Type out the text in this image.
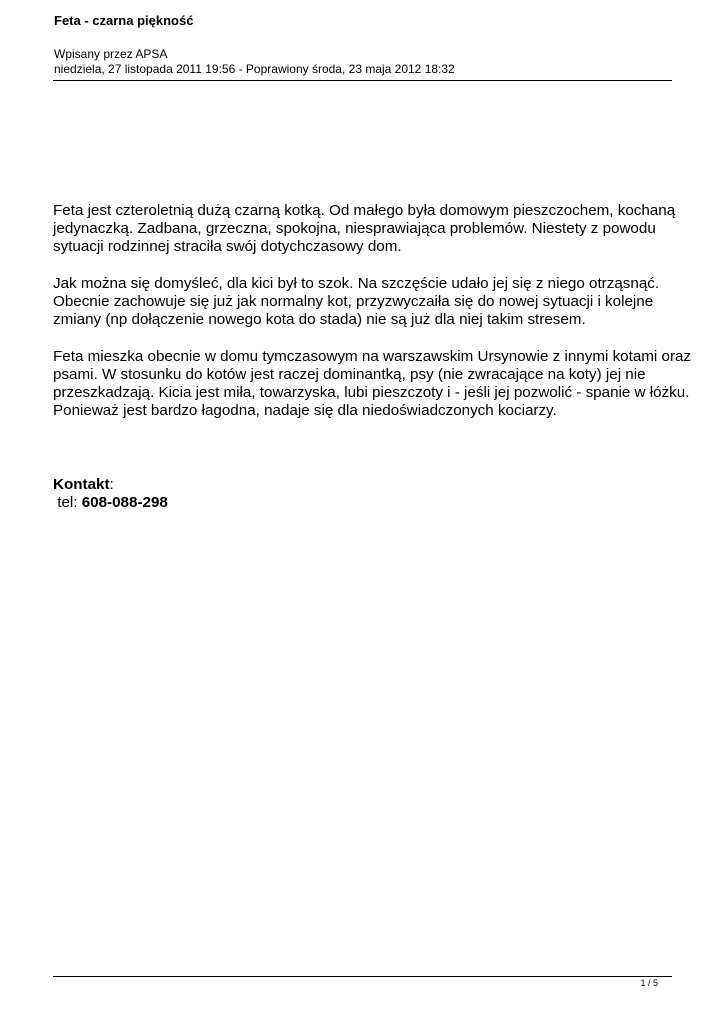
Feta - czarna piękność
Wpisany przez APSA
niedziela, 27 listopada 2011 19:56 - Poprawiony środa, 23 maja 2012 18:32

Feta jest czteroletnią dużą czarną kotką. Od małego była domowym pieszczochem, kochaną
jedynaczką. Zadbana, grzeczna, spokojna, niesprawiająca problemów. Niestety z powodu
sytuacji rodzinnej straciła swój dotychczasowy dom.

Jak można się domyśleć, dla kici był to szok. Na szczęście udało jej się z niego otrząsnąć.
Obecnie zachowuje się już jak normalny kot, przyzwyczaiła się do nowej sytuacji i kolejne
zmiany (np dołączenie nowego kota do stada) nie są już dla niej takim stresem.

Feta mieszka obecnie w domu tymczasowym na warszawskim Ursynowie z innymi kotami oraz
psami. W stosunku do kotów jest raczej dominantką, psy (nie zwracające na koty) jej nie
przeszkadzają. Kicia jest miła, towarzyska, lubi pieszczoty i - jeśli jej pozwolić - spanie w łóżku.
Ponieważ jest bardzo łagodna, nadaje się dla niedoświadczonych kociarzy.

Kontakt:
tel: 608-088-298
1 / 5
